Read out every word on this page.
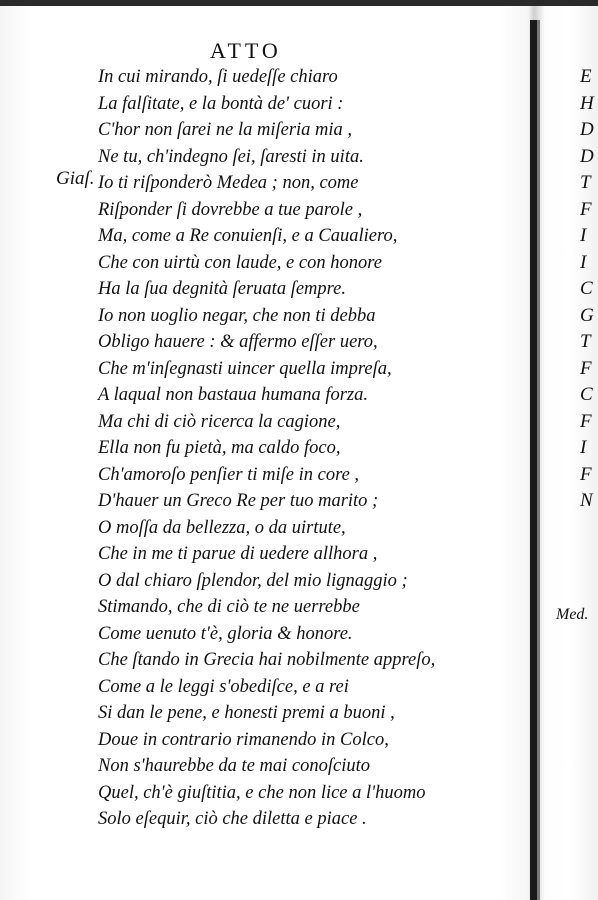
ATTO
Giaſ.
In cui mirando, ſi uedeſſe chiaro
La falſitate, e la bontà de' cuori :
C'hor non ſarei ne la miſeria mia ,
Ne tu, ch'indegno ſei, ſaresti in uita.
Io ti riſponderò Medea ; non, come
Riſponder ſi dovrebbe a tue parole ,
Ma, come a Re conuienſi, e a Caualiero,
Che con uirtù con laude, e con honore
Ha la ſua degnità ſeruata ſempre.
Io non uoglio negar, che non ti debba
Obligo hauere : & affermo eſſer uero,
Che m'inſegnasti uincer quella impreſa,
A laqual non bastaua humana forza.
Ma chi di ciò ricerca la cagione,
Ella non fu pietà, ma caldo foco,
Ch'amoroſo penſier ti miſe in core ,
D'hauer un Greco Re per tuo marito ;
O moſſa da bellezza, o da uirtute,
Che in me ti parue di uedere allhora ,
O dal chiaro ſplendor, del mio lignaggio ;
Stimando, che di ciò te ne uerrebbe
Come uenuto t'è, gloria & honore.
Che ſtando in Grecia hai nobilmente appreſo,
Come a le leggi s'obediſce, e a rei
Si dan le pene, e honesti premi a buoni ,
Doue in contrario rimanendo in Colco,
Non s'haurebbe da te mai conoſciuto
Quel, ch'è giuſtitia, e che non lice a l'huomo
Solo eſequir, ciò che diletta e piace .
E
H
D
D
T
F
I
I
C
G
T
F
C
F
I
F
N
Med.
